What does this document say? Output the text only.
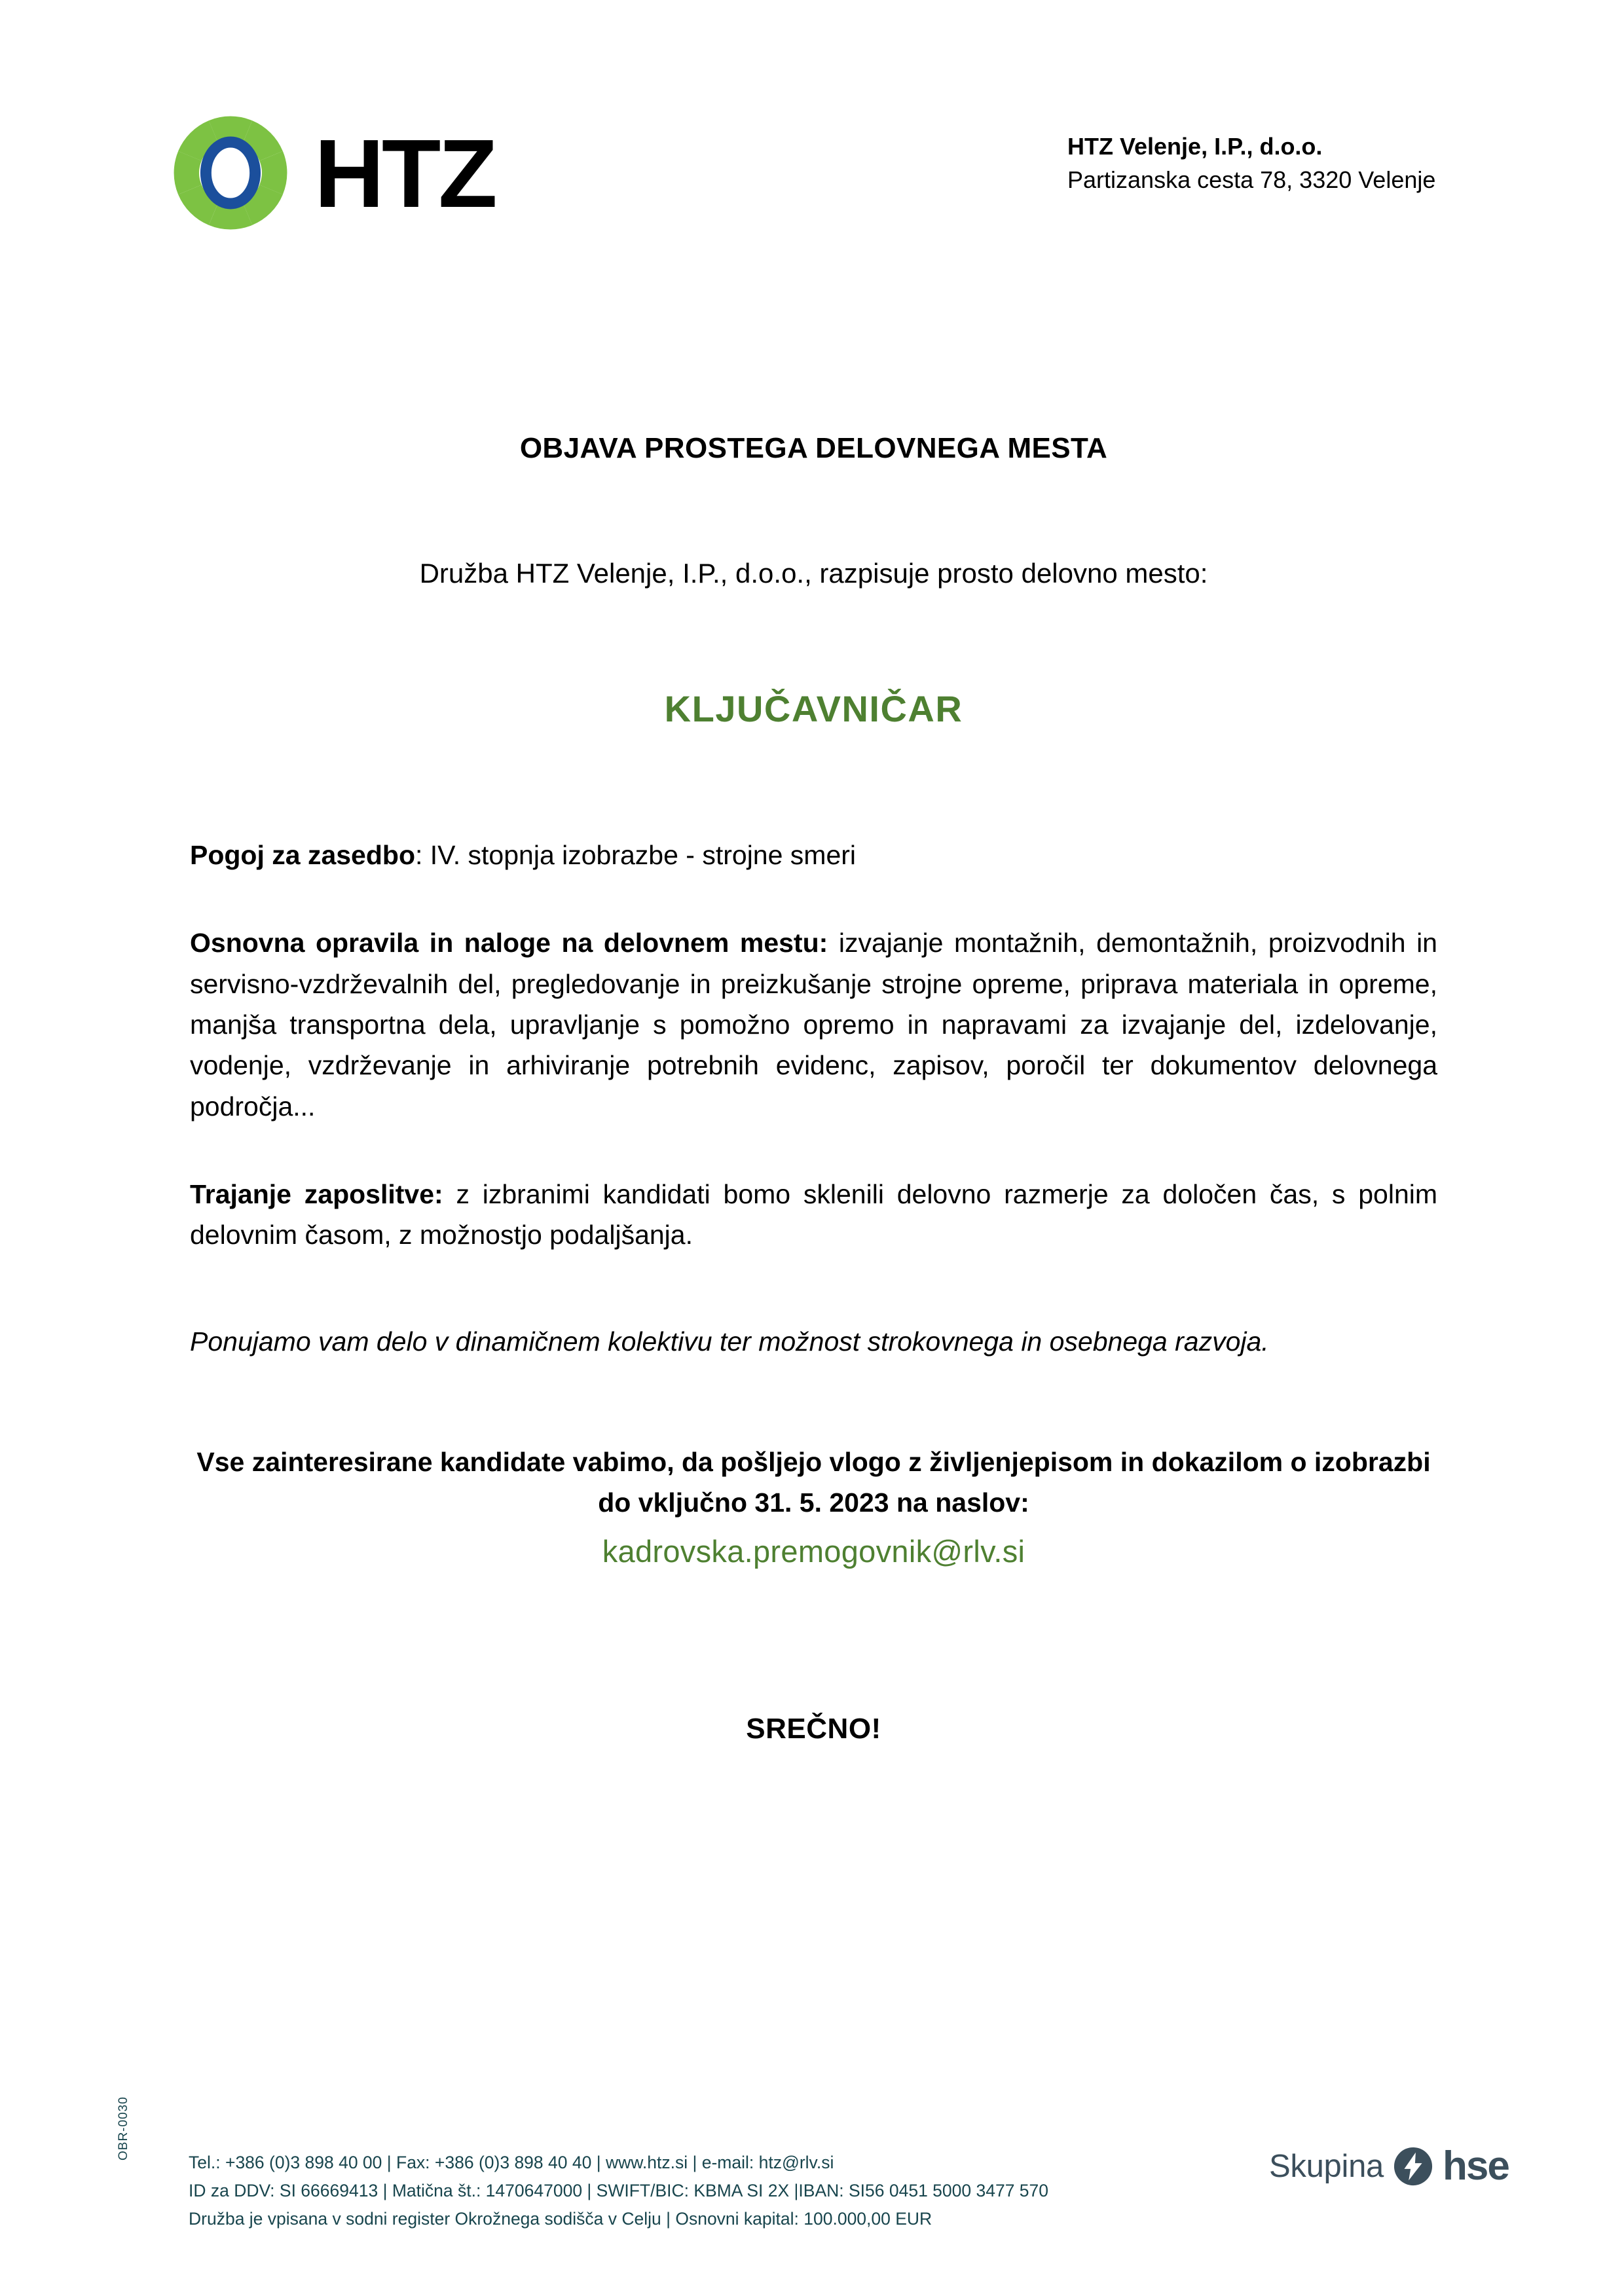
HTZ	HTZ Velenje, I.P., d.o.o.
Partizanska cesta 78, 3320 Velenje
OBJAVA PROSTEGA DELOVNEGA MESTA
Družba HTZ Velenje, I.P., d.o.o., razpisuje prosto delovno mesto:
KLJUČAVNIČAR

Pogoj za zasedbo: IV. stopnja izobrazbe - strojne smeri

Osnovna opravila in naloge na delovnem mestu: izvajanje montažnih, demontažnih, proizvodnih in servisno-vzdrževalnih del, pregledovanje in preizkušanje strojne opreme, priprava materiala in opreme, manjša transportna dela, upravljanje s pomožno opremo in napravami za izvajanje del, izdelovanje, vodenje, vzdrževanje in arhiviranje potrebnih evidenc, zapisov, poročil ter dokumentov delovnega področja...

Trajanje zaposlitve: z izbranimi kandidati bomo sklenili delovno razmerje za določen čas, s polnim delovnim časom, z možnostjo podaljšanja.

Ponujamo vam delo v dinamičnem kolektivu ter možnost strokovnega in osebnega razvoja.

Vse zainteresirane kandidate vabimo, da pošljejo vlogo z življenjepisom in dokazilom o izobrazbi do vključno 31. 5. 2023 na naslov:
kadrovska.premogovnik@rlv.si
SREČNO!
OBR-0030
Tel.: +386 (0)3 898 40 00 | Fax: +386 (0)3 898 40 40 | www.htz.si | e-mail: htz@rlv.si
ID za DDV: SI 66669413 | Matična št.: 1470647000 | SWIFT/BIC: KBMA SI 2X |IBAN: SI56 0451 5000 3477 570
Družba je vpisana v sodni register Okrožnega sodišča v Celju | Osnovni kapital: 100.000,00 EUR
Skupina hse
